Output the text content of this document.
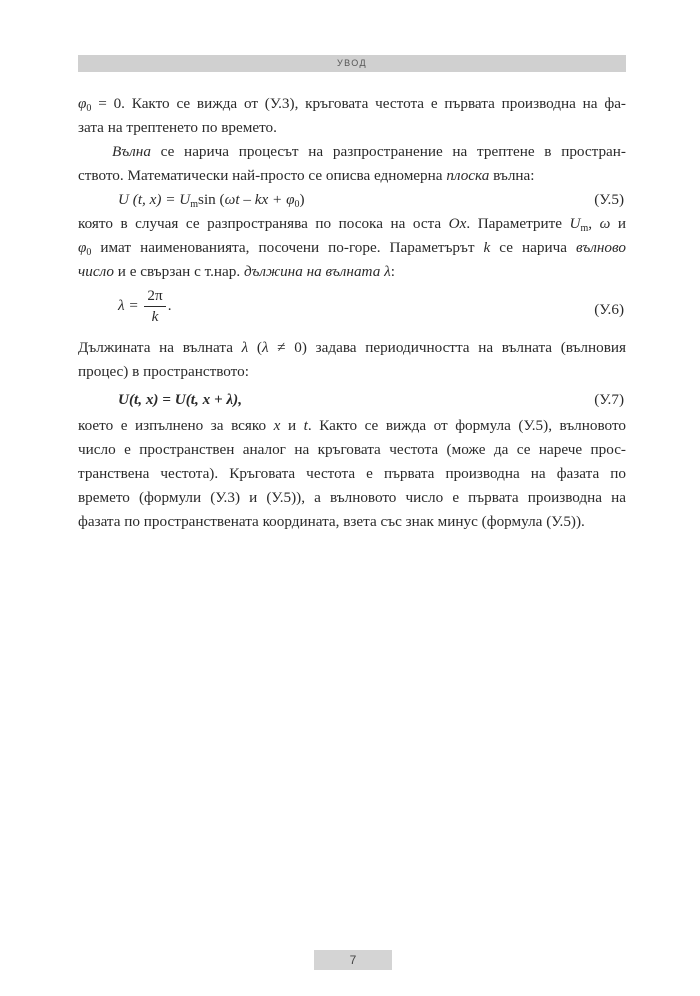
УВОД
$\varphi_0 = 0$. Както се вижда от (У.3), кръговата честота е първата производна на фа-
зата на трептенето по времето.
Вълна се нарича процесът на разпространение на трептене в простран-
ството. Математически най-просто се описва едномерна плоска вълна:
U (t, $x) = U_m\sin$ (ωt – kx + $\varphi_0$)	(У.5)
която в случая се разпространява по посока на оста Ox. Параметрите $U_m$, ω и
$\varphi_0$ имат наименованията, посочени по-горе. Параметърът k се нарича вълново
число и е свързан с т.нар. дължина на вълната λ:
$\lambda = \frac{2\pi}{k}$ .	(У.6)
Дължината на вълната λ (λ ≠ 0) задава периодичността на вълната (вълновия
процес) в пространството:
U(t, x) = U(t, x + λ),	(У.7)
което е изпълнено за всяко x и t. Както се вижда от формула (У.5), вълновото
число е пространствен аналог на кръговата честота (може да се нарече прос-
транствена честота). Кръговата честота е първата производна на фазата по
времето (формули (У.3) и (У.5)), а вълновото число е първата производна на
фазата по пространствената координата, взета със знак минус (формула (У.5)).
7
